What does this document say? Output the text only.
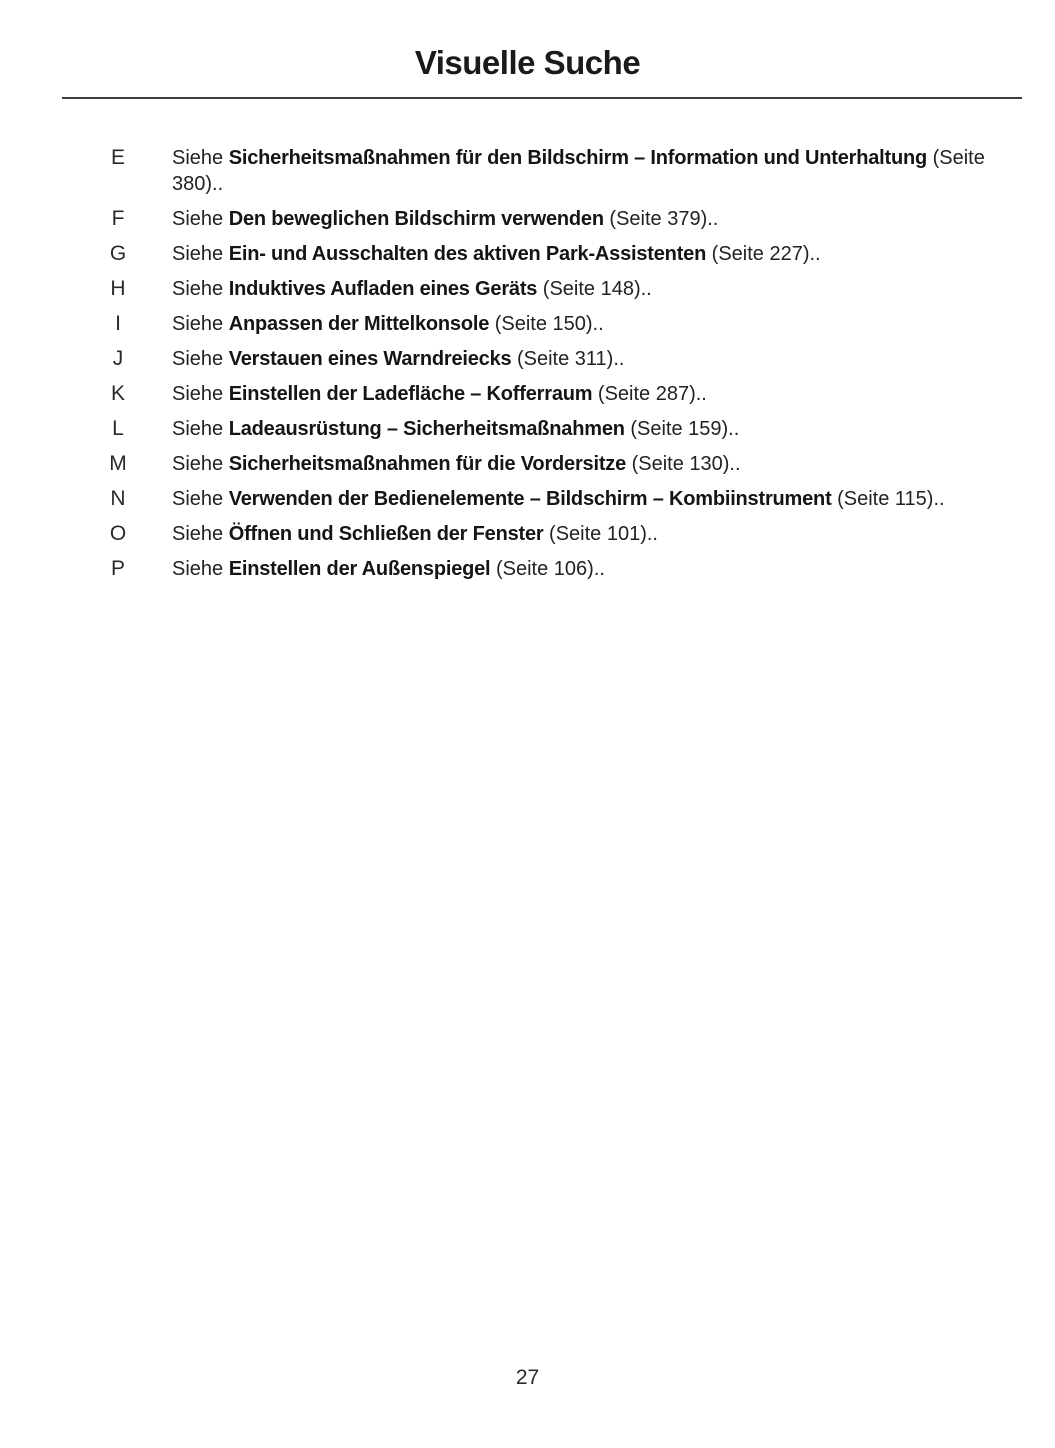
Visuelle Suche
E	Siehe Sicherheitsmaßnahmen für den Bildschirm – Information und Unterhaltung (Seite 380)..
F	Siehe Den beweglichen Bildschirm verwenden (Seite 379)..
G	Siehe Ein- und Ausschalten des aktiven Park-Assistenten (Seite 227)..
H	Siehe Induktives Aufladen eines Geräts (Seite 148)..
I	Siehe Anpassen der Mittelkonsole (Seite 150)..
J	Siehe Verstauen eines Warndreiecks (Seite 311)..
K	Siehe Einstellen der Ladefläche – Kofferraum (Seite 287)..
L	Siehe Ladeausrüstung – Sicherheitsmaßnahmen (Seite 159)..
M	Siehe Sicherheitsmaßnahmen für die Vordersitze (Seite 130)..
N	Siehe Verwenden der Bedienelemente – Bildschirm – Kombiinstrument (Seite 115)..
O	Siehe Öffnen und Schließen der Fenster (Seite 101)..
P	Siehe Einstellen der Außenspiegel (Seite 106)..
27
